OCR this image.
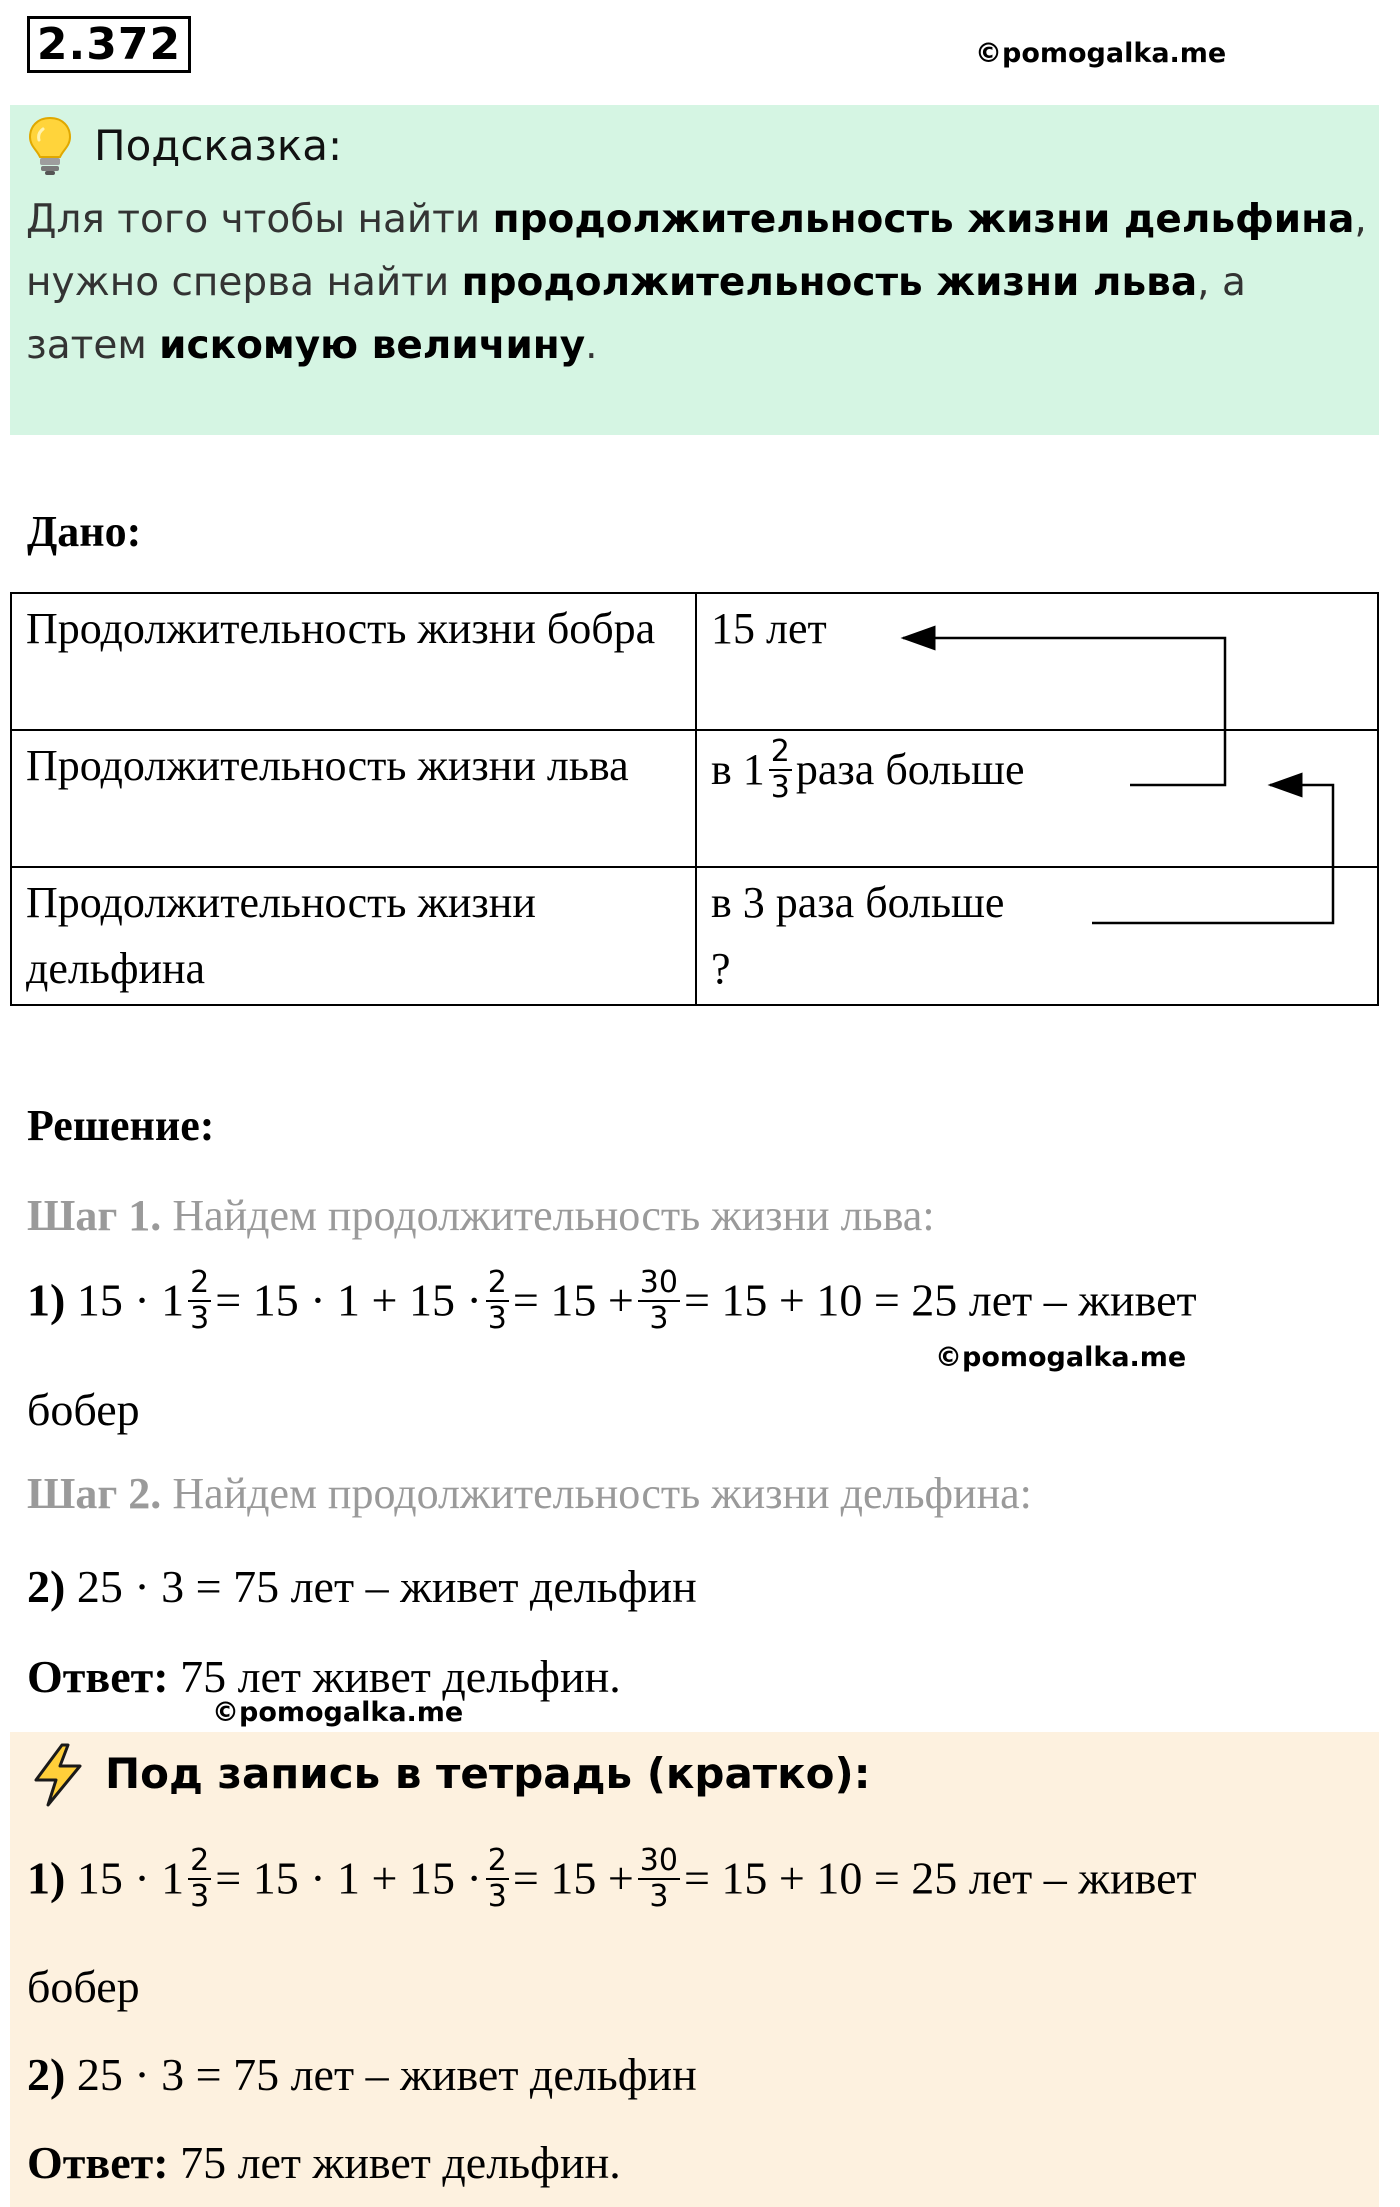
2.372	©pomogalka.me
Подсказка:
Для того чтобы найти продолжительность жизни дельфина, нужно сперва найти продолжительность жизни льва, а затем искомую величину.
Дано:
Продолжительность жизни бобра	15 лет
Продолжительность жизни льва	в $1 \frac{2}{3}$ раза больше

Продолжительность жизни дельфина	в 3 раза больше
?
Решение:
Шаг 1. Найдем продолжительность жизни льва:
1) $15 \cdot 1 \frac{2}{3} = 15 \cdot 1 + 15 \cdot \frac{2}{3} = 15 + \frac{30}{3} = 15 + 10 = 25$ лет – живет
©pomogalka.me
бобер
Шаг 2. Найдем продолжительность жизни дельфина:
2) 25 · 3 = 75 лет – живет дельфин
Ответ: 75 лет живет дельфин.
©pomogalka.me
Под запись в тетрадь (кратко):
1) $15 \cdot 1 \frac{2}{3} = 15 \cdot 1 + 15 \cdot \frac{2}{3} = 15 + \frac{30}{3} = 15 + 10 = 25$ лет – живет
бобер
2) 25 · 3 = 75 лет – живет дельфин
Ответ: 75 лет живет дельфин.
